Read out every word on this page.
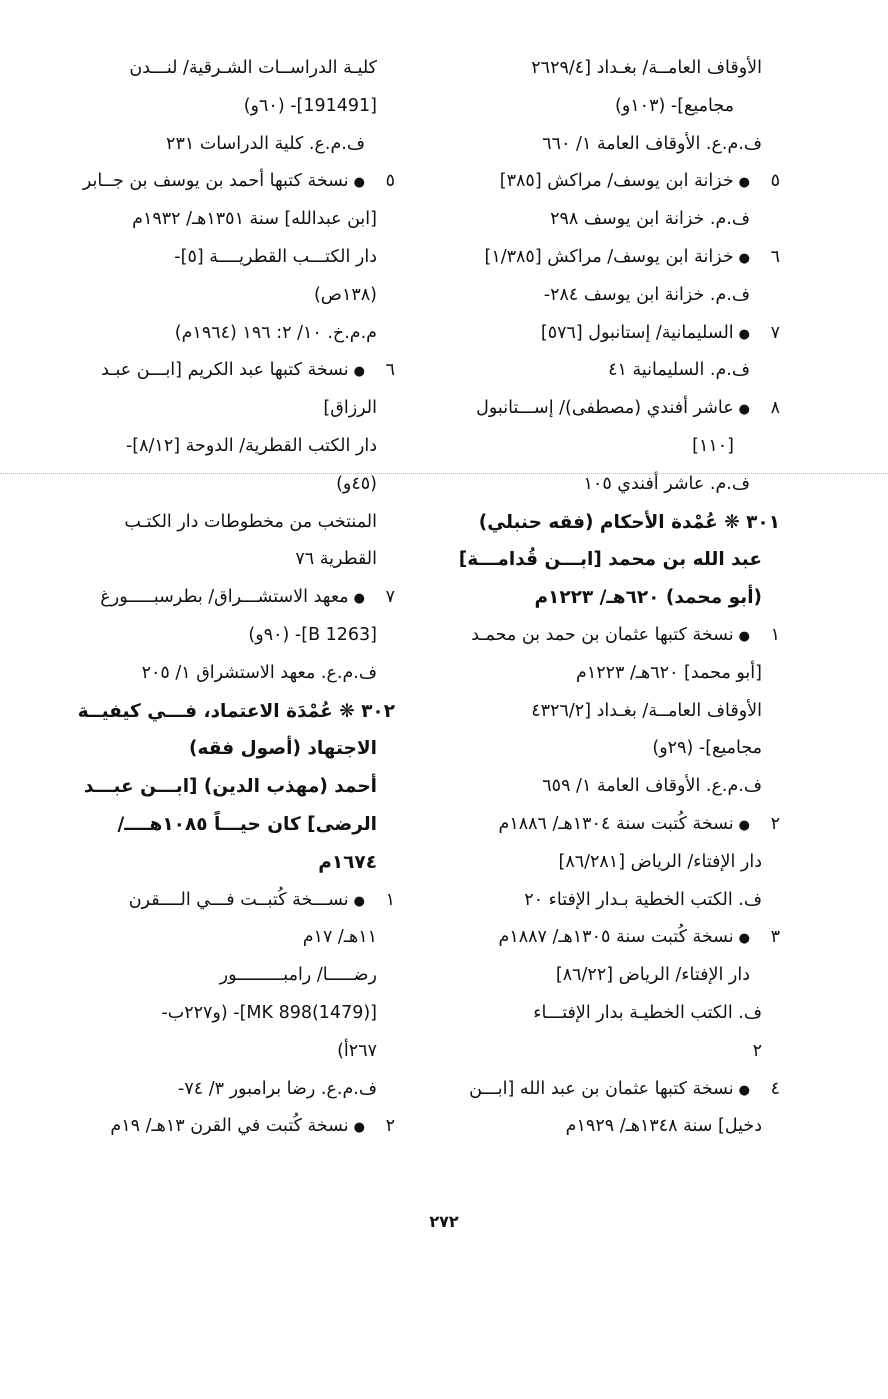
الأوقاف العامــة/ بغـداد [٢٦٢٩/٤
مجاميع]- (١٠٣و)
ف.م.ع. الأوقاف العامة ١/ ٦٦٠
٥●خزانة ابن يوسف/ مراكش [٣٨٥]
ف.م. خزانة ابن يوسف ٢٩٨
٦●خزانة ابن يوسف/ مراكش [١/٣٨٥]
ف.م. خزانة ابن يوسف ٢٨٤-
٧●السليمانية/ إستانبول [٥٧٦]
ف.م. السليمانية ٤١
٨●عاشر أفندي (مصطفى)/ إســـتانبول
[١١٠]
ف.م. عاشر أفندي ١٠٥
٣٠١ ❋ عُمْدة الأحكام (فقه حنبلي)
عبد الله بن محمد [ابـــن قُدامـــة]
(أبو محمد) ٦٢٠هـ/ ١٢٢٣م
١●نسخة كتبها عثمان بن حمد بن محمـد
[أبو محمد] ٦٢٠هـ/ ١٢٢٣م
الأوقاف العامــة/ بغـداد [٤٣٢٦/٢
مجاميع]- (٢٩و)
ف.م.ع. الأوقاف العامة ١/ ٦٥٩
٢●نسخة كُتبت سنة ١٣٠٤هـ/ ١٨٨٦م
دار الإفتاء/ الرياض [٨٦/٢٨١]
ف. الكتب الخطية بـدار الإفتاء ٢٠
٣●نسخة كُتبت سنة ١٣٠٥هـ/ ١٨٨٧م
دار الإفتاء/ الرياض [٨٦/٢٢]
ف. الكتب الخطيـة بدار الإفتـــاء
٢
٤●نسخة كتبها عثمان بن عبد الله [ابـــن
دخيل] سنة ١٣٤٨هـ/ ١٩٢٩م
كليـة الدراســات الشـرقية/ لنـــدن
[191491]- (٦٠و)
ف.م.ع. كلية الدراسات ٢٣١
٥●نسخة كتبها أحمد بن يوسف بن جــابر
[ابن عبدالله] سنة ١٣٥١هـ/ ١٩٣٢م
دار الكتـــب القطريــــة [٥]-
(١٣٨ص)
م.م.خ. ١٠/ ٢: ١٩٦ (١٩٦٤م)
٦●نسخة كتبها عبد الكريم [ابـــن عبـد
الرزاق]
دار الكتب القطرية/ الدوحة [٨/١٢]-
(٤٥و)
المنتخب من مخطوطات دار الكتـب
القطرية ٧٦
٧●معهد الاستشـــراق/ بطرسبـــــورغ
[B 1263]- (٩٠و)
ف.م.ع. معهد الاستشراق ١/ ٢٠٥
٣٠٢ ❋ عُمْدَة الاعتماد، فـــي كيفيــة
الاجتهاد (أصول فقه)
أحمد (مهذب الدين) [ابـــن عبـــد
الرضى] كان حيـــاً ١٠٨٥هــــ/
١٦٧٤م
١●نســـخة كُتبــت فـــي الــــقرن
١١هـ/ ١٧م
رضـــــا/ رامبـــــــــور
[(1479)898 MK]- (و٢٢٧ب-
٢٦٧أ)
ف.م.ع. رضا برامبور ٣/ ٧٤-
٢●نسخة كُتبت في القرن ١٣هـ/ ١٩م
٢٧٢
